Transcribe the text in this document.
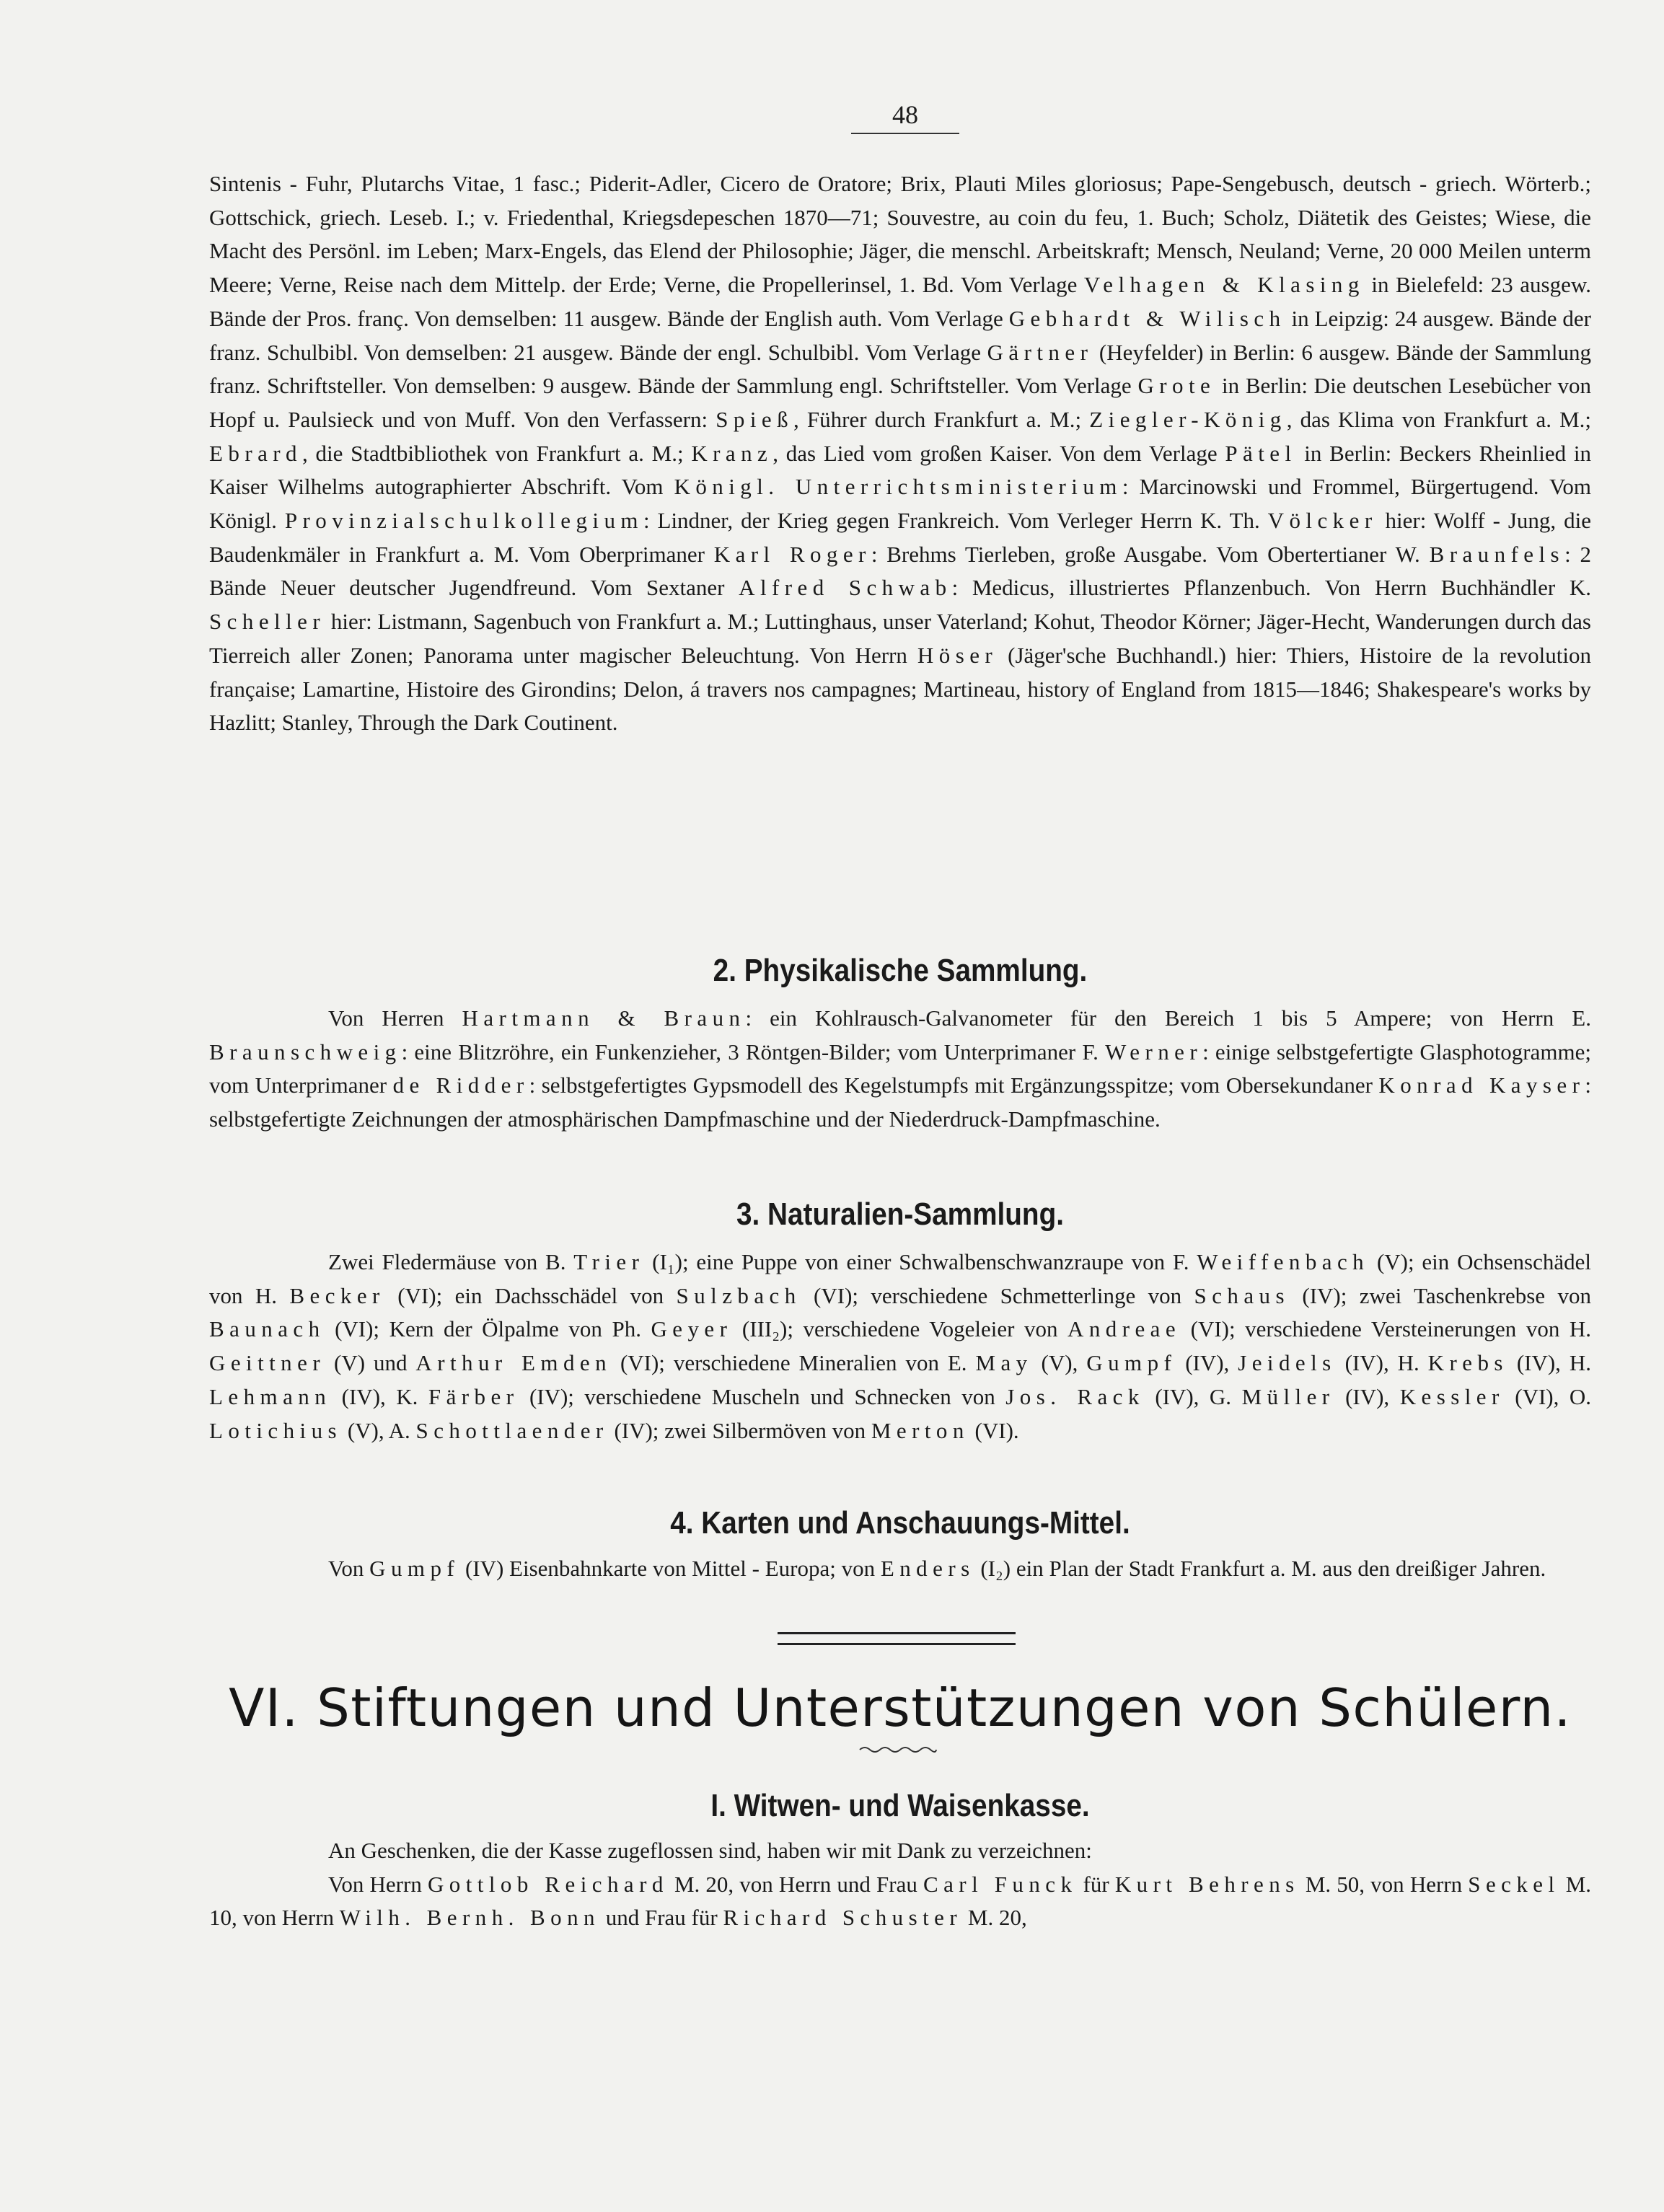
48

Sintenis - Fuhr, Plutarchs Vitae, 1 fasc.; Piderit-Adler, Cicero de Oratore; Brix, Plauti Miles gloriosus; Pape-Sengebusch, deutsch - griech. Wörterb.; Gottschick, griech. Leseb. I.; v. Friedenthal, Kriegsdepeschen 1870—71; Souvestre, au coin du feu, 1. Buch; Scholz, Diätetik des Geistes; Wiese, die Macht des Persönl. im Leben; Marx-Engels, das Elend der Philosophie; Jäger, die menschl. Arbeitskraft; Mensch, Neuland; Verne, 20 000 Meilen unterm Meere; Verne, Reise nach dem Mittelp. der Erde; Verne, die Propellerinsel, 1. Bd. Vom Verlage Velhagen & Klasing in Bielefeld: 23 ausgew. Bände der Pros. franç. Von demselben: 11 ausgew. Bände der English auth. Vom Verlage Gebhardt & Wilisch in Leipzig: 24 ausgew. Bände der franz. Schulbibl. Von demselben: 21 ausgew. Bände der engl. Schulbibl. Vom Verlage Gärtner (Heyfelder) in Berlin: 6 ausgew. Bände der Sammlung franz. Schriftsteller. Von demselben: 9 ausgew. Bände der Sammlung engl. Schriftsteller. Vom Verlage Grote in Berlin: Die deutschen Lesebücher von Hopf u. Paulsieck und von Muff. Von den Verfassern: Spieß, Führer durch Frankfurt a. M.; Ziegler-König, das Klima von Frankfurt a. M.; Ebrard, die Stadtbibliothek von Frankfurt a. M.; Kranz, das Lied vom großen Kaiser. Von dem Verlage Pätel in Berlin: Beckers Rheinlied in Kaiser Wilhelms autographierter Abschrift. Vom Königl. Unterrichtsministerium: Marcinowski und Frommel, Bürgertugend. Vom Königl. Provinzialschulkollegium: Lindner, der Krieg gegen Frankreich. Vom Verleger Herrn K. Th. Völcker hier: Wolff - Jung, die Baudenkmäler in Frankfurt a. M. Vom Oberprimaner Karl Roger: Brehms Tierleben, große Ausgabe. Vom Obertertianer W. Braunfels: 2 Bände Neuer deutscher Jugendfreund. Vom Sextaner Alfred Schwab: Medicus, illustriertes Pflanzenbuch. Von Herrn Buchhändler K. Scheller hier: Listmann, Sagenbuch von Frankfurt a. M.; Luttinghaus, unser Vaterland; Kohut, Theodor Körner; Jäger-Hecht, Wanderungen durch das Tierreich aller Zonen; Panorama unter magischer Beleuchtung. Von Herrn Höser (Jäger'sche Buchhandl.) hier: Thiers, Histoire de la revolution française; Lamartine, Histoire des Girondins; Delon, á travers nos campagnes; Martineau, history of England from 1815—1846; Shakespeare's works by Hazlitt; Stanley, Through the Dark Coutinent.

2. Physikalische Sammlung.

Von Herren Hartmann & Braun: ein Kohlrausch-Galvanometer für den Bereich 1 bis 5 Ampere; von Herrn E. Braunschweig: eine Blitzröhre, ein Funkenzieher, 3 Röntgen-Bilder; vom Unterprimaner F. Werner: einige selbstgefertigte Glasphotogramme; vom Unterprimaner de Ridder: selbstgefertigtes Gypsmodell des Kegelstumpfs mit Ergänzungsspitze; vom Obersekundaner Konrad Kayser: selbstgefertigte Zeichnungen der atmosphärischen Dampfmaschine und der Niederdruck-Dampfmaschine.

3. Naturalien-Sammlung.

Zwei Fledermäuse von B. Trier (I₁); eine Puppe von einer Schwalbenschwanzraupe von F. Weiffenbach (V); ein Ochsenschädel von H. Becker (VI); ein Dachsschädel von Sulzbach (VI); verschiedene Schmetterlinge von Schaus (IV); zwei Taschenkrebse von Baunach (VI); Kern der Ölpalme von Ph. Geyer (III₂); verschiedene Vogeleier von Andreae (VI); verschiedene Versteinerungen von H. Geittner (V) und Arthur Emden (VI); verschiedene Mineralien von E. May (V), Gumpf (IV), Jeidels (IV), H. Krebs (IV), H. Lehmann (IV), K. Färber (IV); verschiedene Muscheln und Schnecken von Jos. Rack (IV), G. Müller (IV), Kessler (VI), O. Lotichius (V), A. Schottlaender (IV); zwei Silbermöven von Merton (VI).

4. Karten und Anschauungs-Mittel.

Von Gumpf (IV) Eisenbahnkarte von Mittel - Europa; von Enders (I₂) ein Plan der Stadt Frankfurt a. M. aus den dreißiger Jahren.

VI. Stiftungen und Unterstützungen von Schülern.
I. Witwen- und Waisenkasse.

An Geschenken, die der Kasse zugeflossen sind, haben wir mit Dank zu verzeichnen:

Von Herrn Gottlob Reichard M. 20, von Herrn und Frau Carl Funck für Kurt Behrens M. 50, von Herrn Seckel M. 10, von Herrn Wilh. Bernh. Bonn und Frau für Richard Schuster M. 20,
